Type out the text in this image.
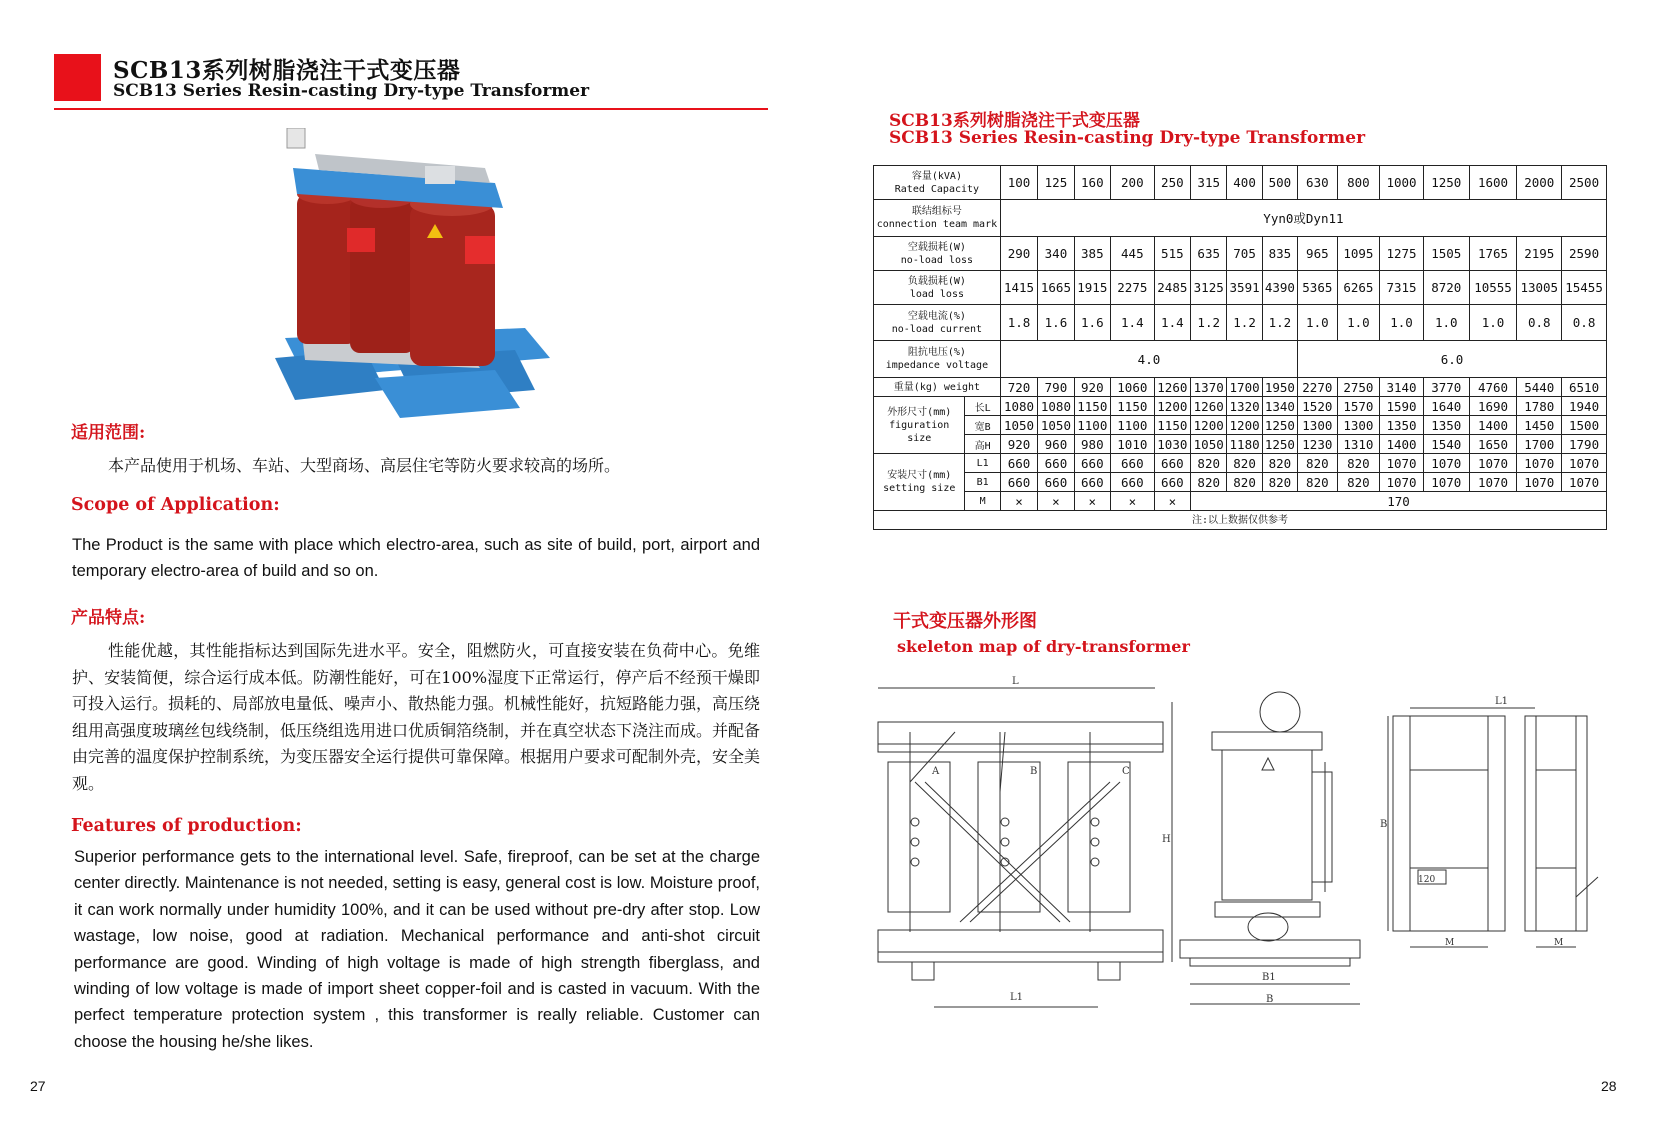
SCB13系列树脂浇注干式变压器
SCB13 Series Resin-casting Dry-type Transformer
适用范围:
本产品使用于机场、车站、大型商场、高层住宅等防火要求较高的场所。
Scope of Application:
The Product is the same with place which electro-area, such as site of build, port, airport and temporary electro-area of build and so on.
产品特点:
性能优越，其性能指标达到国际先进水平。安全，阻燃防火，可直接安装在负荷中心。免维护、安装简便，综合运行成本低。防潮性能好，可在100%湿度下正常运行，停产后不经预干燥即可投入运行。损耗的、局部放电量低、噪声小、散热能力强。机械性能好，抗短路能力强，高压绕组用高强度玻璃丝包线绕制，低压绕组选用进口优质铜箔绕制，并在真空状态下浇注而成。并配备由完善的温度保护控制系统，为变压器安全运行提供可靠保障。根据用户要求可配制外壳，安全美观。
Features of production:
Superior performance gets to the international level. Safe, fireproof, can be set at the charge center directly. Maintenance is not needed, setting is easy, general cost is low. Moisture proof, it can work normally under humidity 100%, and it can be used without pre-dry after stop. Low wastage, low noise, good at radiation. Mechanical performance and anti-shot circuit performance are good. Winding of high voltage is made of high strength fiberglass, and winding of low voltage is made of import sheet copper-foil and is casted in vacuum. With the perfect temperature protection system , this transformer is really reliable. Customer can choose the housing he/she likes.
27
SCB13系列树脂浇注干式变压器
SCB13 Series Resin-casting Dry-type Transformer
容量(kVA)
Rated Capacity		100	125	160	200	250	315	400	500	630	800	1000	1250	1600	2000	2500

联结组标号
connection team mark		Yyn0或Dyn11														

空载损耗(W)
no-load loss		290	340	385	445	515	635	705	835	965	1095	1275	1505	1765	2195	2590

负载损耗(W)
load loss		1415	1665	1915	2275	2485	3125	3591	4390	5365	6265	7315	8720	10555	13005	15455

空载电流(%)
no-load current		1.8	1.6	1.6	1.4	1.4	1.2	1.2	1.2	1.0	1.0	1.0	1.0	1.0	0.8	0.8

阻抗电压(%)
impedance voltage		4.0								6.0						
重量(kg) weight		720	790	920	1060	1260	1370	1700	1950	2270	2750	3140	3770	4760	5440	6510

外形尺寸(mm)
figuration
size	长L	1080	1080	1150	1150	1200	1260	1320	1340	1520	1570	1590	1640	1690	1780	1940
	宽B	1050	1050	1100	1100	1150	1200	1200	1250	1300	1300	1350	1350	1400	1450	1500
	高H	920	960	980	1010	1030	1050	1180	1250	1230	1310	1400	1540	1650	1700	1790

安装尺寸(mm)
setting size	L1	660	660	660	660	660	820	820	820	820	820	1070	1070	1070	1070	1070
	B1	660	660	660	660	660	820	820	820	820	820	1070	1070	1070	1070	1070
	M	×	×	×	×	×	170									
注:以上数据仅供参考																
干式变压器外形图
skeleton map of dry-transformer
L1
L
A	B	C
H
B1
B
L1
B
120
M	M
28
